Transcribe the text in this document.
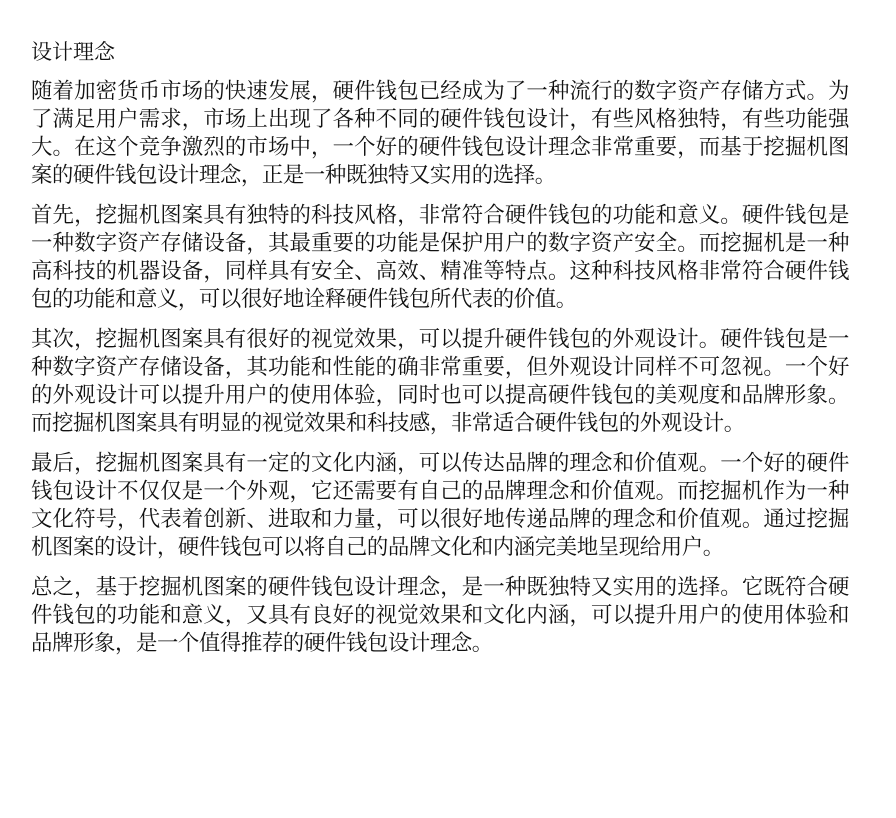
设计理念

随着加密货币市场的快速发展，硬件钱包已经成为了一种流行的数字资产存储方式。为了满足用户需求，市场上出现了各种不同的硬件钱包设计，有些风格独特，有些功能强大。在这个竞争激烈的市场中，一个好的硬件钱包设计理念非常重要，而基于挖掘机图案的硬件钱包设计理念，正是一种既独特又实用的选择。

首先，挖掘机图案具有独特的科技风格，非常符合硬件钱包的功能和意义。硬件钱包是一种数字资产存储设备，其最重要的功能是保护用户的数字资产安全。而挖掘机是一种高科技的机器设备，同样具有安全、高效、精准等特点。这种科技风格非常符合硬件钱包的功能和意义，可以很好地诠释硬件钱包所代表的价值。

其次，挖掘机图案具有很好的视觉效果，可以提升硬件钱包的外观设计。硬件钱包是一种数字资产存储设备，其功能和性能的确非常重要，但外观设计同样不可忽视。一个好的外观设计可以提升用户的使用体验，同时也可以提高硬件钱包的美观度和品牌形象。而挖掘机图案具有明显的视觉效果和科技感，非常适合硬件钱包的外观设计。

最后，挖掘机图案具有一定的文化内涵，可以传达品牌的理念和价值观。一个好的硬件钱包设计不仅仅是一个外观，它还需要有自己的品牌理念和价值观。而挖掘机作为一种文化符号，代表着创新、进取和力量，可以很好地传递品牌的理念和价值观。通过挖掘机图案的设计，硬件钱包可以将自己的品牌文化和内涵完美地呈现给用户。

总之，基于挖掘机图案的硬件钱包设计理念，是一种既独特又实用的选择。它既符合硬件钱包的功能和意义，又具有良好的视觉效果和文化内涵，可以提升用户的使用体验和品牌形象，是一个值得推荐的硬件钱包设计理念。
